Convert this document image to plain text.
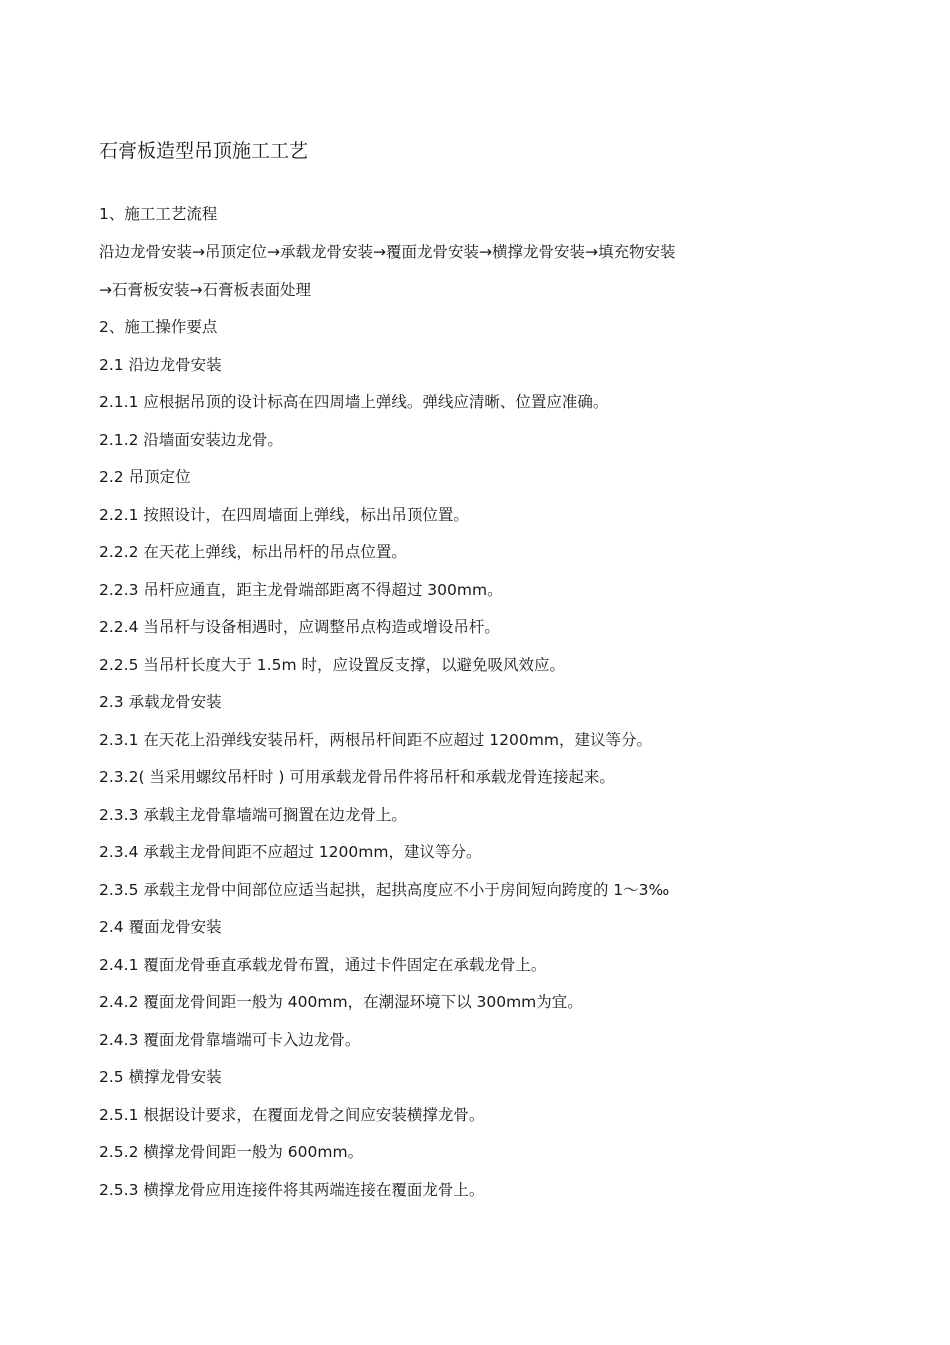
石膏板造型吊顶施工工艺
1、施工工艺流程
沿边龙骨安装→吊顶定位→承载龙骨安装→覆面龙骨安装→横撑龙骨安装→填充物安装
→石膏板安装→石膏板表面处理
2、施工操作要点
2.1 沿边龙骨安装
2.1.1 应根据吊顶的设计标高在四周墙上弹线。弹线应清晰、位置应准确。
2.1.2 沿墙面安装边龙骨。
2.2 吊顶定位
2.2.1 按照设计，在四周墙面上弹线，标出吊顶位置。
2.2.2 在天花上弹线，标出吊杆的吊点位置。
2.2.3 吊杆应通直，距主龙骨端部距离不得超过 300mm。
2.2.4 当吊杆与设备相遇时，应调整吊点构造或增设吊杆。
2.2.5 当吊杆长度大于 1.5m 时，应设置反支撑，以避免吸风效应。
2.3 承载龙骨安装
2.3.1 在天花上沿弹线安装吊杆，两根吊杆间距不应超过 1200mm，建议等分。
2.3.2( 当采用螺纹吊杆时 ) 可用承载龙骨吊件将吊杆和承载龙骨连接起来。
2.3.3 承载主龙骨靠墙端可搁置在边龙骨上。
2.3.4 承载主龙骨间距不应超过 1200mm，建议等分。
2.3.5 承载主龙骨中间部位应适当起拱，起拱高度应不小于房间短向跨度的 1～3‰
2.4 覆面龙骨安装
2.4.1 覆面龙骨垂直承载龙骨布置，通过卡件固定在承载龙骨上。
2.4.2 覆面龙骨间距一般为 400mm，在潮湿环境下以 300mm为宜。
2.4.3 覆面龙骨靠墙端可卡入边龙骨。
2.5 横撑龙骨安装
2.5.1 根据设计要求，在覆面龙骨之间应安装横撑龙骨。
2.5.2 横撑龙骨间距一般为 600mm。
2.5.3 横撑龙骨应用连接件将其两端连接在覆面龙骨上。
